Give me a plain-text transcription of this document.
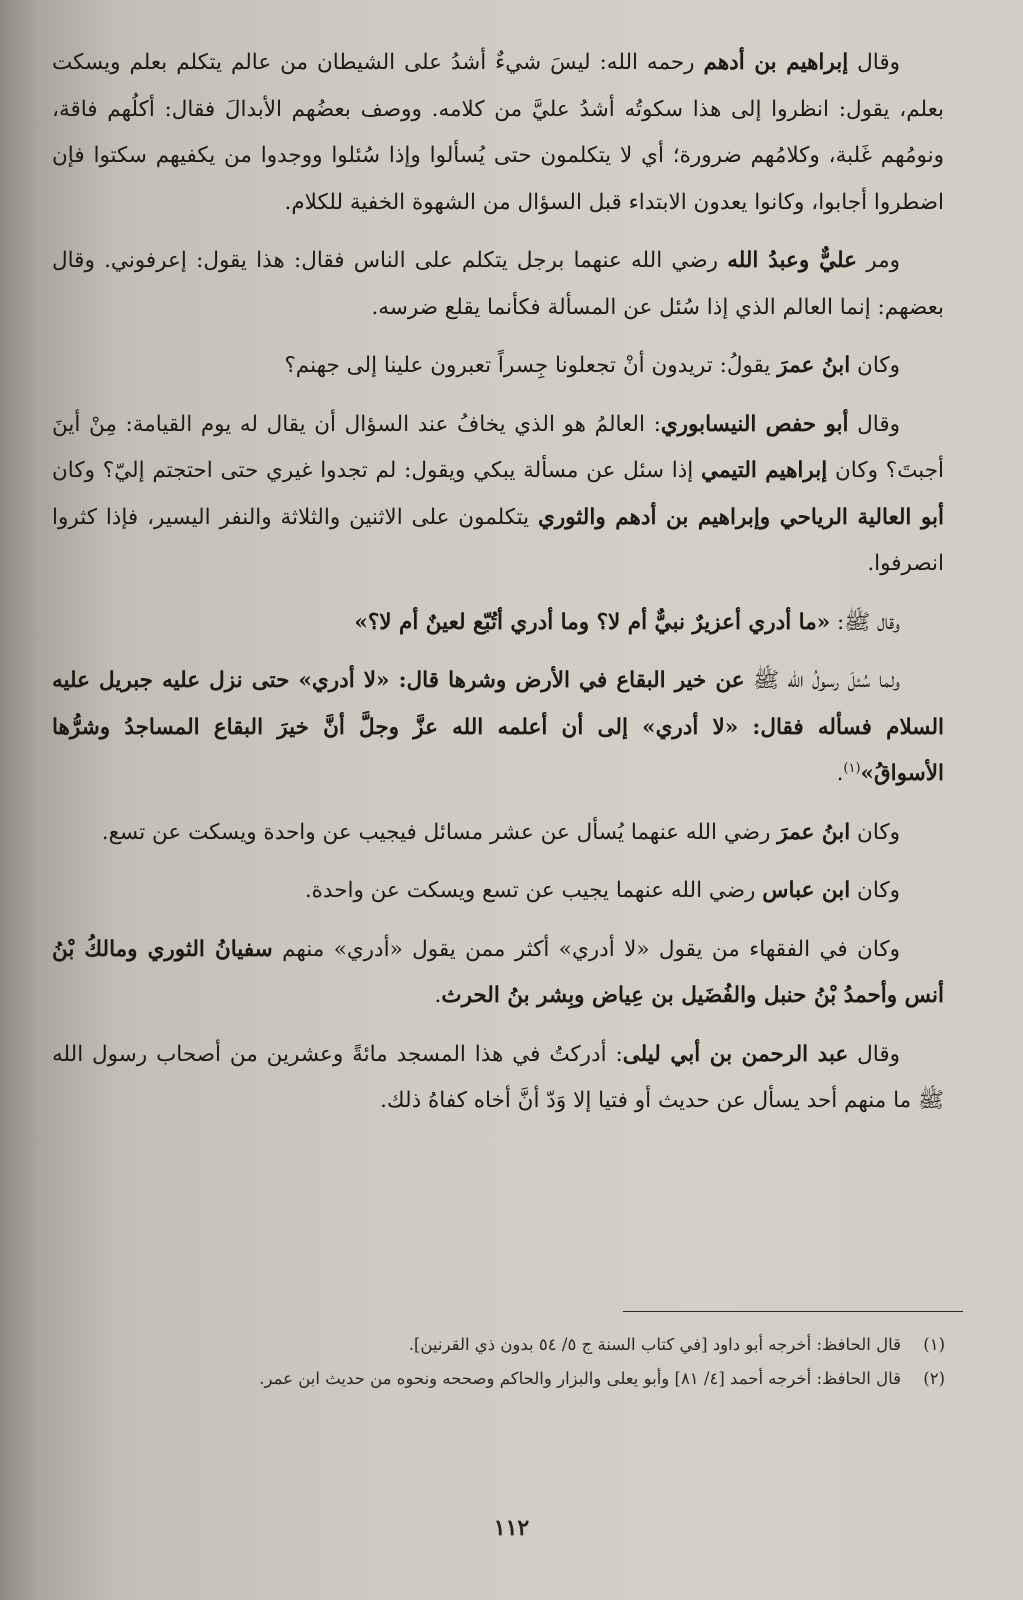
وقال إبراهيم بن أدهم رحمه الله: ليسَ شيءٌ أشدُ على الشيطان من عالم يتكلم بعلم ويسكت بعلم، يقول: انظروا إلى هذا سكوتُه أشدُ عليَّ من كلامه. ووصف بعضُهم الأبدالَ فقال: أكلُهم فاقة، ونومُهم غَلبة، وكلامُهم ضرورة؛ أي لا يتكلمون حتى يُسألوا وإذا سُئلوا ووجدوا من يكفيهم سكتوا فإن اضطروا أجابوا، وكانوا يعدون الابتداء قبل السؤال من الشهوة الخفية للكلام.

ومر عليٌّ وعبدُ الله رضي الله عنهما برجل يتكلم على الناس فقال: هذا يقول: إعرفوني. وقال بعضهم: إنما العالم الذي إذا سُئل عن المسألة فكأنما يقلع ضرسه.

وكان ابنُ عمرَ يقولُ: تريدون أنْ تجعلونا جِسراً تعبرون علينا إلى جهنم؟

وقال أبو حفص النيسابوري: العالمُ هو الذي يخافُ عند السؤال أن يقال له يوم القيامة: مِنْ أينَ أجبتَ؟ وكان إبراهيم التيمي إذا سئل عن مسألة يبكي ويقول: لم تجدوا غيري حتى احتجتم إليّ؟ وكان أبو العالية الرياحي وإبراهيم بن أدهم والثوري يتكلمون على الاثنين والثلاثة والنفر اليسير، فإذا كثروا انصرفوا.

وقال ﷺ: «ما أدري أعزيرٌ نبيٌّ أم لا؟ وما أدري أتُبّع لعينٌ أم لا؟»

ولما سُئلَ رسولُ الله ﷺ عن خير البقاع في الأرض وشرها قال: «لا أدري» حتى نزل عليه جبريل عليه السلام فسأله فقال: «لا أدري» إلى أن أعلمه الله عزَّ وجلَّ أنَّ خيرَ البقاع المساجدُ وشرُّها الأسواقُ»$^{(١)}$.

وكان ابنُ عمرَ رضي الله عنهما يُسأل عن عشر مسائل فيجيب عن واحدة ويسكت عن تسع.

وكان ابن عباس رضي الله عنهما يجيب عن تسع ويسكت عن واحدة.

وكان في الفقهاء من يقول «لا أدري» أكثر ممن يقول «أدري» منهم سفيانُ الثوري ومالكُ بْنُ أنس وأحمدُ بْنُ حنبل والفُضَيل بن عِياض وبِشر بنُ الحرث.

وقال عبد الرحمن بن أبي ليلى: أدركتُ في هذا المسجد مائةً وعشرين من أصحاب رسول الله ﷺ ما منهم أحد يسأل عن حديث أو فتيا إلا وَدّ أنَّ أخاه كفاهُ ذلك.

(١)قال الحافظ: أخرجه أبو داود [في كتاب السنة ج ٥/ ٥٤ بدون ذي القرنين].

(٢)قال الحافظ: أخرجه أحمد [٤/ ٨١] وأبو يعلى والبزار والحاكم وصححه ونحوه من حديث ابن عمر.

١١٢
